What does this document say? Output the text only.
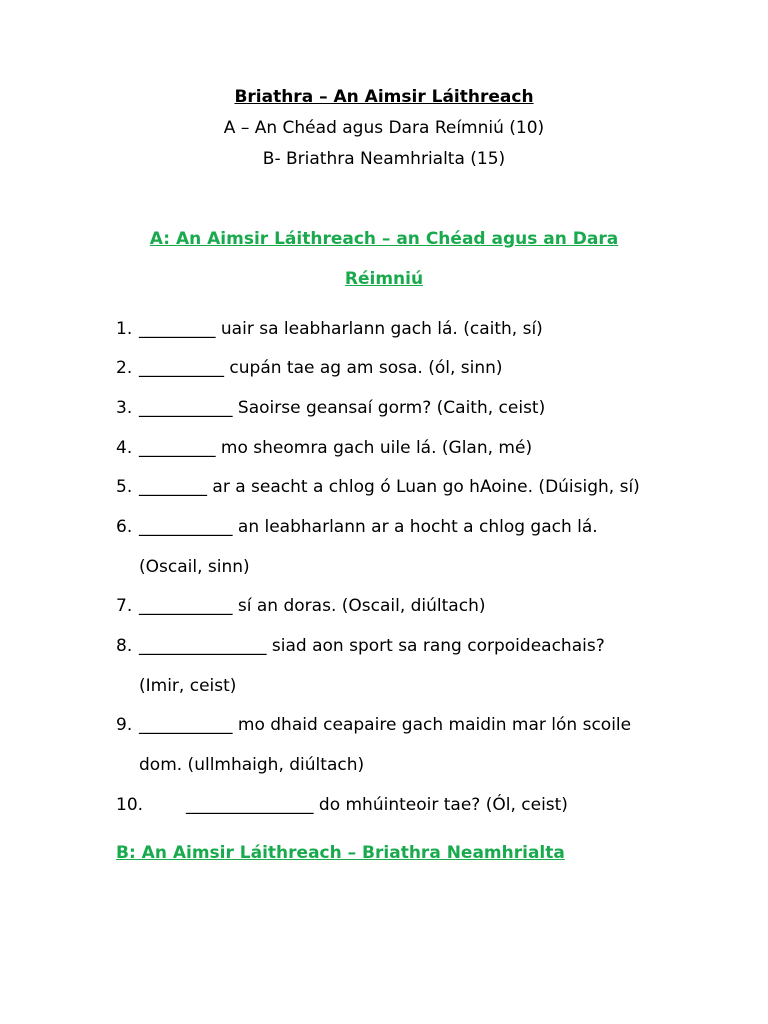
Briathra – An Aimsir Láithreach
A – An Chéad agus Dara Reímniú (10)
B- Briathra Neamhrialta (15)
A: An Aimsir Láithreach – an Chéad agus an Dara
Réimniú
1. _________ uair sa leabharlann gach lá. (caith, sí)
2. __________ cupán tae ag am sosa. (ól, sinn)
3. ___________ Saoirse geansaí gorm? (Caith, ceist)
4. _________ mo sheomra gach uile lá. (Glan, mé)
5. ________ ar a seacht a chlog ó Luan go hAoine. (Dúisigh, sí)
6. ___________ an leabharlann ar a hocht a chlog gach lá.
(Oscail, sinn)
7. ___________ sí an doras. (Oscail, diúltach)
8. _______________ siad aon sport sa rang corpoideachais?
(Imir, ceist)
9. ___________ mo dhaid ceapaire gach maidin mar lón scoile
dom. (ullmhaigh, diúltach)
10.	_______________ do mhúinteoir tae? (Ól, ceist)
B: An Aimsir Láithreach – Briathra Neamhrialta
